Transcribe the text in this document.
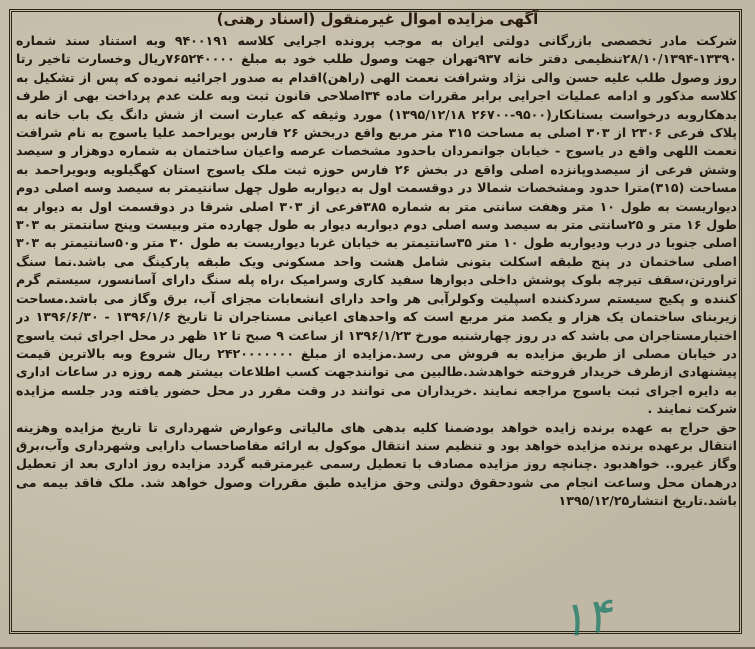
آگهی مزایده اموال غیرمنقول (اسناد رهنی)

شرکت مادر تخصصی بازرگانی دولتی ایران به موجب پرونده اجرایی کلاسه ۹۴۰۰۱۹۱ وبه استناد سند شماره ۱۳۳۹۰-۲۸/۱۰/۱۳۹۴تنظیمی دفتر خانه ۹۳۷تهران جهت وصول طلب خود به مبلغ ۷۶۵۲۴۰۰۰۰ریال وخسارت تاخیر رتا روز وصول طلب علیه حسن والی نژاد وشرافت نعمت الهی (راهن)اقدام به صدور اجرائیه نموده که پس از تشکیل به کلاسه مذکور و ادامه عملیات اجرایی برابر مقررات ماده ۳۴اصلاحی قانون ثبت وبه علت عدم پرداخت بهی از طرف بدهکاروبه درخواست بستانکار(۹۵۰۰-۲۶۷۰۰ ۱۳۹۵/۱۲/۱۸) مورد وثیقه که عبارت است از شش دانگ یک باب خانه به پلاک فرعی ۲۳۰۶ از ۳۰۳ اصلی به مساحت ۳۱۵ متر مربع واقع دربخش ۲۶ فارس بویراحمد علیا یاسوج به نام شرافت نعمت اللهی واقع در یاسوج - خیابان جوانمردان باحدود مشخصات عرصه واعیان ساختمان به شماره دوهزار و سیصد وشش فرعی از سیصدوپانزده اصلی واقع در بخش ۲۶ فارس حوزه ثبت ملک یاسوج استان کهگیلویه وبویراحمد به مساحت (۳۱۵)مترا حدود ومشخصات شمالا در دوقسمت اول به دیواربه طول چهل سانتیمتر به سیصد وسه اصلی دوم دیواریست به طول ۱۰ متر وهفت سانتی متر به شماره ۳۸۵فرعی از ۳۰۳ اصلی شرقا در دوقسمت اول به دیوار به طول ۱۶ متر و ۲۵سانتی متر به سیصد وسه اصلی دوم دیواربه دیوار به طول چهارده متر وبیست وپنج سانتمتر به ۳۰۳ اصلی جنوبا در درب ودیواربه طول ۱۰ متر ۳۵سانتیمتر به خیابان غربا دیواریست به طول ۳۰ متر و۵۰سانتیمتر به ۳۰۳ اصلی ساختمان در پنج طبقه اسکلت بتونی شامل هشت واحد مسکونی ویک طبقه پارکینگ می باشد.نما سنگ تراورتن،سقف تیرچه بلوک پوشش داخلی دیوارها سفید کاری وسرامیک ،راه پله سنگ دارای آسانسور، سیستم گرم کننده و پکیج سیستم سردکننده اسپلیت وکولرآبی هر واحد دارای انشعابات مجزای آب، برق وگاز می باشد.مساحت زیربنای ساختمان یک هزار و یکصد متر مربع است که واحدهای اعیانی مستاجران تا تاریخ ۱۳۹۶/۱/۶ - ۱۳۹۶/۶/۳۰ در اختیارمستاجران می باشد که در روز چهارشنبه مورخ ۱۳۹۶/۱/۲۳ از ساعت ۹ صبح تا ۱۲ ظهر در محل اجرای ثبت یاسوج در خیابان مصلی از طریق مزایده به فروش می رسد.مزایده از مبلغ ۲۴۲۰۰۰۰۰۰۰ ریال شروع وبه بالاترین قیمت پیشنهادی ازطرف خریدار فروخته خواهدشد.طالبین می توانندجهت کسب اطلاعات بیشتر همه روزه در ساعات اداری به دایره اجرای ثبت یاسوج مراجعه نمایند .خریداران می توانند در وقت مقرر در محل حضور یافته ودر جلسه مزایده شرکت نمایند .

حق حراج به عهده برنده زایده خواهد بودضمنا کلیه بدهی های مالیاتی وعوارض شهرداری تا تاریخ مزایده وهزینه انتقال برعهده برنده مزایده خواهد بود و تنظیم سند انتقال موکول به ارائه مفاصاحساب دارایی وشهرداری وآب،برق وگاز غیرو.. خواهدبود .چنانچه روز مزایده مصادف با تعطیل رسمی غیرمترقبه گردد مزایده روز اداری بعد از تعطیل درهمان محل وساعت انجام می شودحقوق دولتی وحق مزایده طبق مقررات وصول خواهد شد. ملک فاقد بیمه می باشد.تاریخ انتشار۱۳۹۵/۱۲/۲۵

۱۴
